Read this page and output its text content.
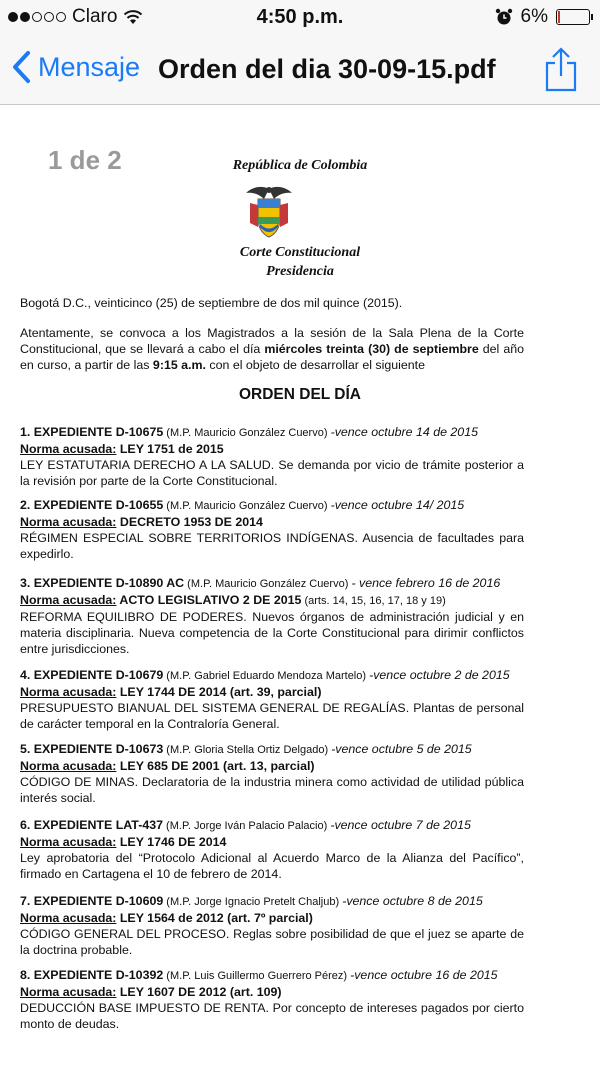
Claro	4:50 p.m.	6%
Mensaje Orden del dia 30-09-15.pdf
1 de 2	República de Colombia
Corte Constitucional
Presidencia
Bogotá D.C., veinticinco (25) de septiembre de dos mil quince (2015).
Atentamente, se convoca a los Magistrados a la sesión de la Sala Plena de la Corte Constitucional, que se llevará a cabo el día miércoles treinta (30) de septiembre del año en curso, a partir de las 9:15 a.m. con el objeto de desarrollar el siguiente
ORDEN DEL DÍA
1. EXPEDIENTE D-10675 (M.P. Mauricio González Cuervo) -vence octubre 14 de 2015
Norma acusada: LEY 1751 de 2015
LEY ESTATUTARIA DERECHO A LA SALUD. Se demanda por vicio de trámite posterior a la revisión por parte de la Corte Constitucional.
2. EXPEDIENTE D-10655 (M.P. Mauricio González Cuervo) -vence octubre 14/ 2015
Norma acusada: DECRETO 1953 DE 2014
RÉGIMEN ESPECIAL SOBRE TERRITORIOS INDÍGENAS. Ausencia de facultades para expedirlo.
3. EXPEDIENTE D-10890 AC (M.P. Mauricio González Cuervo) - vence febrero 16 de 2016
Norma acusada: ACTO LEGISLATIVO 2 DE 2015 (arts. 14, 15, 16, 17, 18 y 19)
REFORMA EQUILIBRO DE PODERES. Nuevos órganos de administración judicial y en materia disciplinaria. Nueva competencia de la Corte Constitucional para dirimir conflictos entre jurisdicciones.
4. EXPEDIENTE D-10679 (M.P. Gabriel Eduardo Mendoza Martelo) -vence octubre 2 de 2015
Norma acusada: LEY 1744 DE 2014 (art. 39, parcial)
PRESUPUESTO BIANUAL DEL SISTEMA GENERAL DE REGALÍAS. Plantas de personal de carácter temporal en la Contraloría General.
5. EXPEDIENTE D-10673 (M.P. Gloria Stella Ortiz Delgado) -vence octubre 5 de 2015
Norma acusada: LEY 685 DE 2001 (art. 13, parcial)
CÓDIGO DE MINAS. Declaratoria de la industria minera como actividad de utilidad pública interés social.
6. EXPEDIENTE LAT-437 (M.P. Jorge Iván Palacio Palacio) -vence octubre 7 de 2015
Norma acusada: LEY 1746 DE 2014
Ley aprobatoria del “Protocolo Adicional al Acuerdo Marco de la Alianza del Pacífico”, firmado en Cartagena el 10 de febrero de 2014.
7. EXPEDIENTE D-10609 (M.P. Jorge Ignacio Pretelt Chaljub) -vence octubre 8 de 2015
Norma acusada: LEY 1564 de 2012 (art. 7º parcial)
CÓDIGO GENERAL DEL PROCESO. Reglas sobre posibilidad de que el juez se aparte de la doctrina probable.
8. EXPEDIENTE D-10392 (M.P. Luis Guillermo Guerrero Pérez) -vence octubre 16 de 2015
Norma acusada: LEY 1607 DE 2012 (art. 109)
DEDUCCIÓN BASE IMPUESTO DE RENTA. Por concepto de intereses pagados por cierto monto de deudas.
